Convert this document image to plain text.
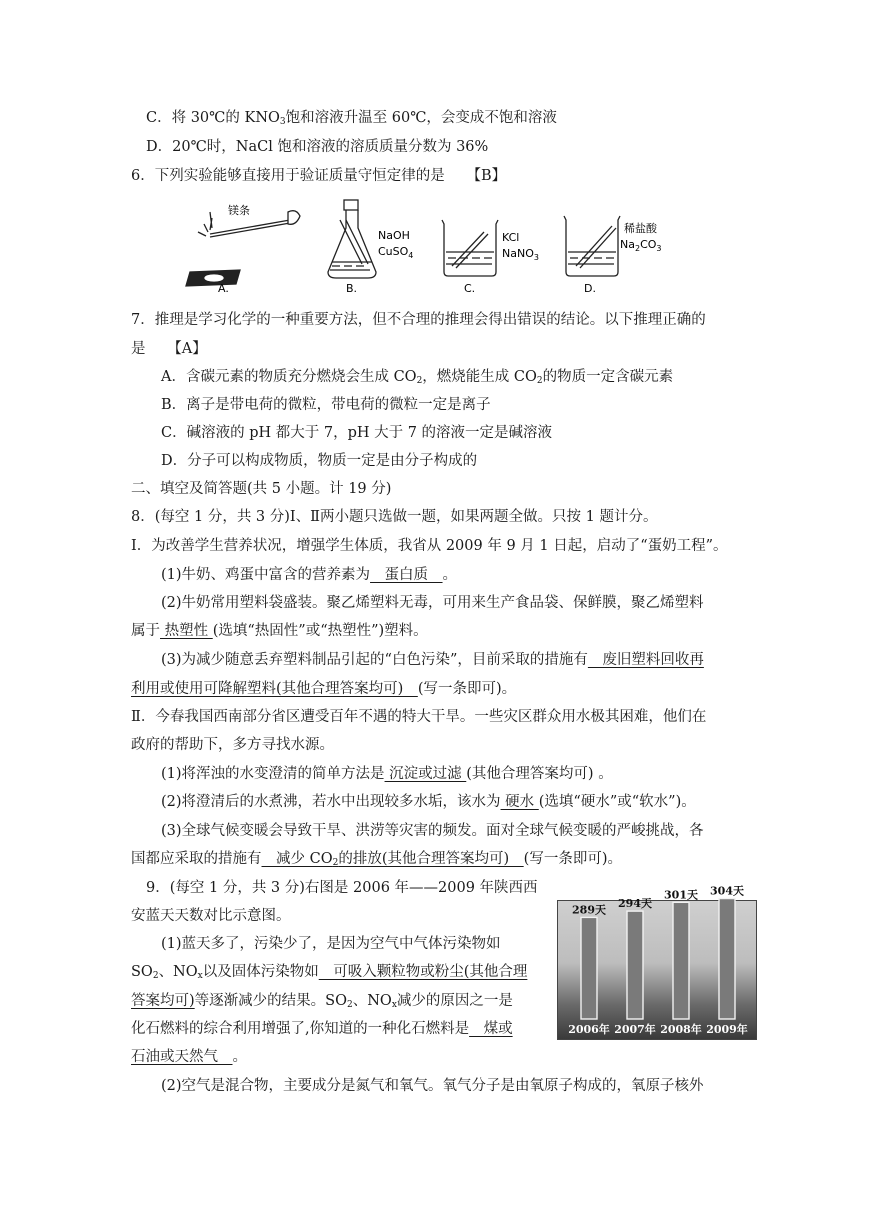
C．将 30℃的 $KNO_3$饱和溶液升温至 60℃，会变成不饱和溶液
D．20℃时，NaCl 饱和溶液的溶质质量分数为 36%
6．下列实验能够直接用于验证质量守恒定律的是　　【B】
镁条
A.
NaOH
CuSO$_4$
B.
KCl
NaNO$_3$
C.
稀盐酸
$Na_2CO_3$
D.
7．推理是学习化学的一种重要方法，但不合理的推理会得出错误的结论。以下推理正确的
是　　【A】
A．含碳元素的物质充分燃烧会生成 $CO_2$，燃烧能生成 $CO_2$的物质一定含碳元素
B．离子是带电荷的微粒，带电荷的微粒一定是离子
C．碱溶液的 pH 都大于 7，pH 大于 7 的溶液一定是碱溶液
D．分子可以构成物质，物质一定是由分子构成的
二、填空及简答题(共 5 小题。计 19 分)
8．(每空 1 分，共 3 分)Ⅰ、Ⅱ两小题只选做一题，如果两题全做。只按 1 题计分。
Ⅰ．为改善学生营养状况，增强学生体质，我省从 2009 年 9 月 1 日起，启动了“蛋奶工程”。
(1)牛奶、鸡蛋中富含的营养素为　蛋白质　。
(2)牛奶常用塑料袋盛装。聚乙烯塑料无毒，可用来生产食品袋、保鲜膜，聚乙烯塑料
属于 热塑性 (选填“热固性”或“热塑性”)塑料。
(3)为减少随意丢弃塑料制品引起的“白色污染”，目前采取的措施有　废旧塑料回收再
利用或使用可降解塑料(其他合理答案均可)　(写一条即可)。
Ⅱ．今春我国西南部分省区遭受百年不遇的特大干旱。一些灾区群众用水极其困难，他们在
政府的帮助下，多方寻找水源。
(1)将浑浊的水变澄清的简单方法是 沉淀或过滤 (其他合理答案均可) 。
(2)将澄清后的水煮沸，若水中出现较多水垢，该水为 硬水 (选填“硬水”或“软水”)。
(3)全球气候变暖会导致干旱、洪涝等灾害的频发。面对全球气候变暖的严峻挑战，各
国都应采取的措施有　减少 $CO_2$的排放(其他合理答案均可)　(写一条即可)。
9．(每空 1 分，共 3 分)右图是 2006 年——2009 年陕西西
安蓝天天数对比示意图。
(1)蓝天多了，污染少了，是因为空气中气体污染物如
$SO_2$、$NO_x$以及固体污染物如　可吸入颗粒物或粉尘(其他合理
答案均可)等逐渐减少的结果。$SO_2$、$NO_x$减少的原因之一是
化石燃料的综合利用增强了,你知道的一种化石燃料是　煤或
石油或天然气　。
(2)空气是混合物，主要成分是氮气和氧气。氧气分子是由氧原子构成的，氧原子核外
289天
2006年
294天
2007年
301天
2008年
304天
2009年
